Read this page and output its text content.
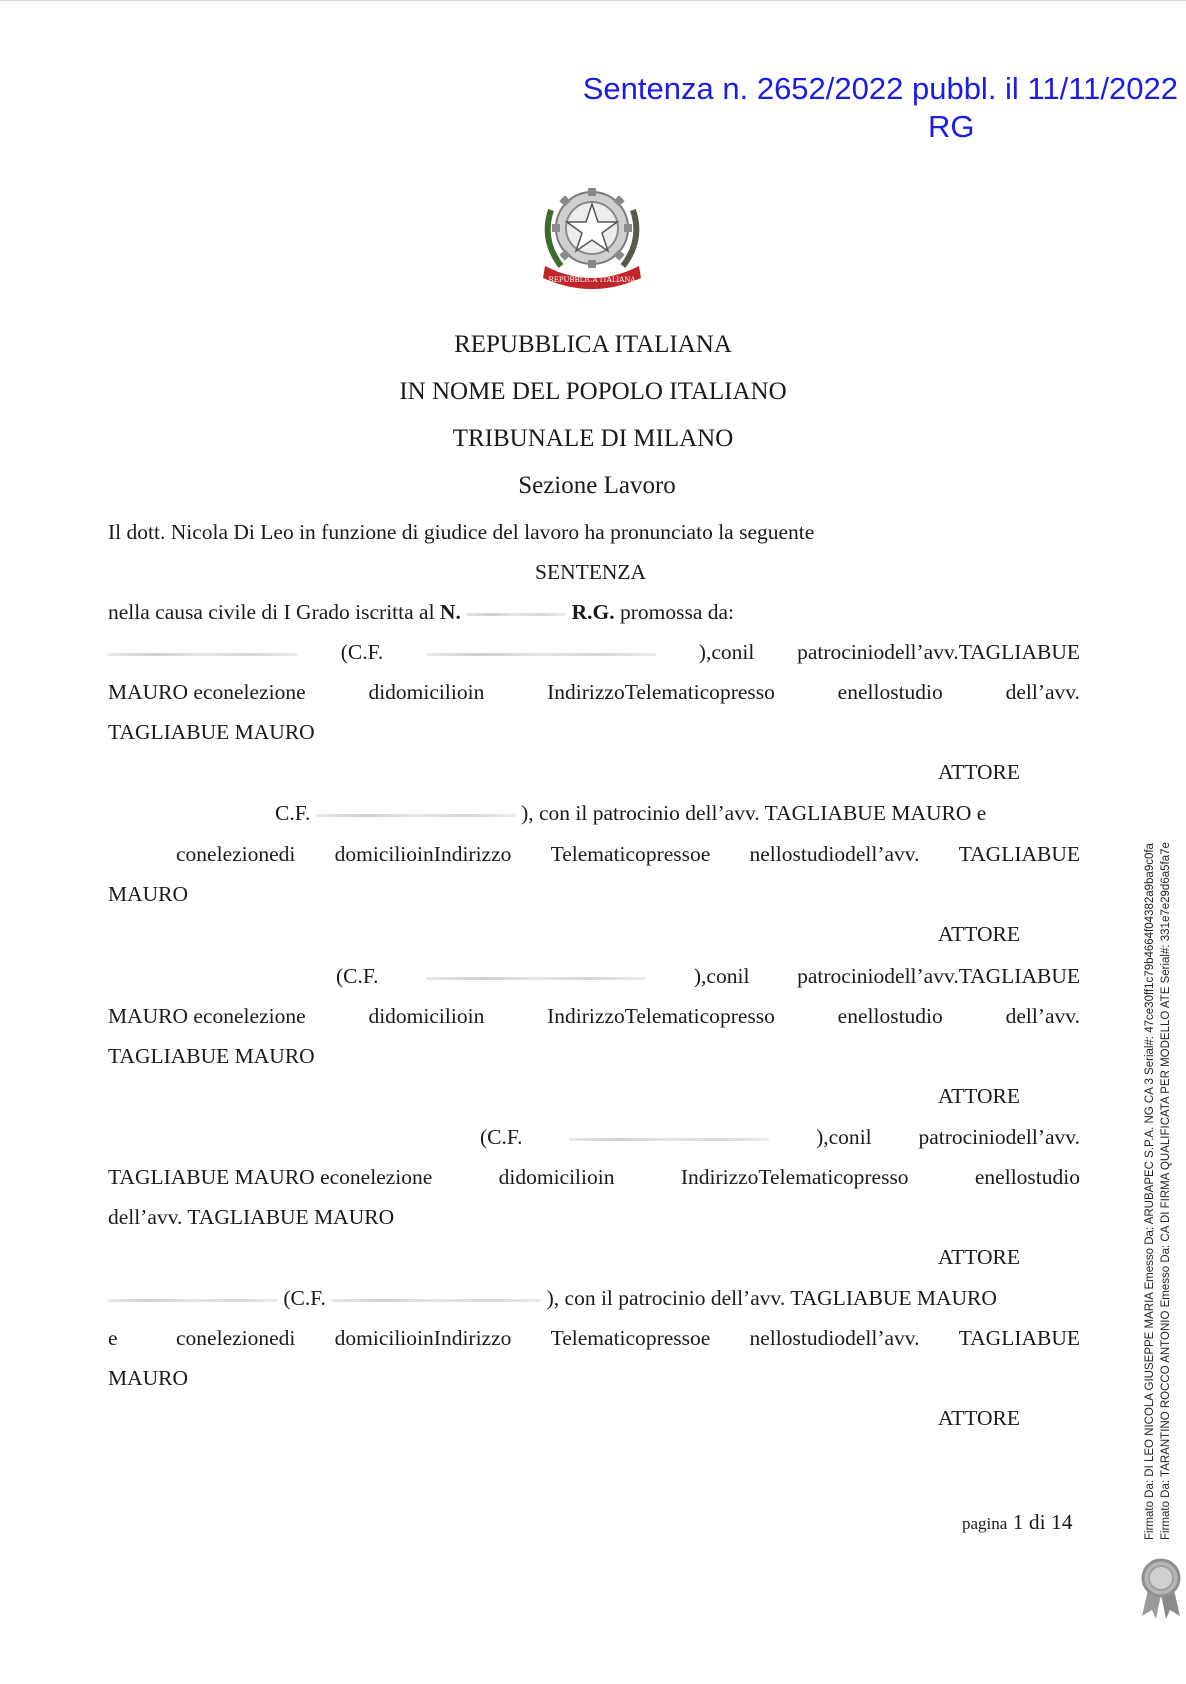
Sentenza n. 2652/2022 pubbl. il 11/11/2022
RG
REPUBBLICA ITALIANA
REPUBBLICA ITALIANA
IN NOME DEL POPOLO ITALIANO
TRIBUNALE DI MILANO
Sezione Lavoro
Il dott. Nicola Di Leo in funzione di giudice del lavoro ha pronunciato la seguente
SENTENZA
nella causa civile di I Grado iscritta al N.	R.G. promossa da:
(C.F.	),conil patrociniodell’avv.TAGLIABUE
MAURO econelezione	didomicilioin	IndirizzoTelematicopresso	enellostudio	dell’avv.
TAGLIABUE MAURO
ATTORE
C.F.	), con il patrocinio dell’avv. TAGLIABUE MAURO e
conelezionedi domicilioinIndirizzo Telematicopressoe nellostudiodell’avv. TAGLIABUE
MAURO
ATTORE
(C.F.	),conil patrociniodell’avv.TAGLIABUE
MAURO econelezione	didomicilioin	IndirizzoTelematicopresso	enellostudio	dell’avv.
TAGLIABUE MAURO
ATTORE
(C.F.	),conil patrociniodell’avv.
TAGLIABUE MAURO econelezione	didomicilioin	IndirizzoTelematicopresso	enellostudio
dell’avv. TAGLIABUE MAURO
ATTORE
(C.F.	), con il patrocinio dell’avv. TAGLIABUE MAURO
e	conelezionedi domicilioinIndirizzo Telematicopressoe nellostudiodell’avv. TAGLIABUE
MAURO
ATTORE
pagina 1 di 14	Firmato Da: DI LEO NICOLA GIUSEPPE MARIA Emesso Da: ARUBAPEC S.P.A. NG CA 3 Serial#: 47ce30ff1c79b4664f04382a9ba9c0fa Firmato Da: TARANTINO ROCCO ANTONIO Emesso Da: CA DI FIRMA QUALIFICATA PER MODELLO ATE Serial#: 331e7e29d6a5fa7e
